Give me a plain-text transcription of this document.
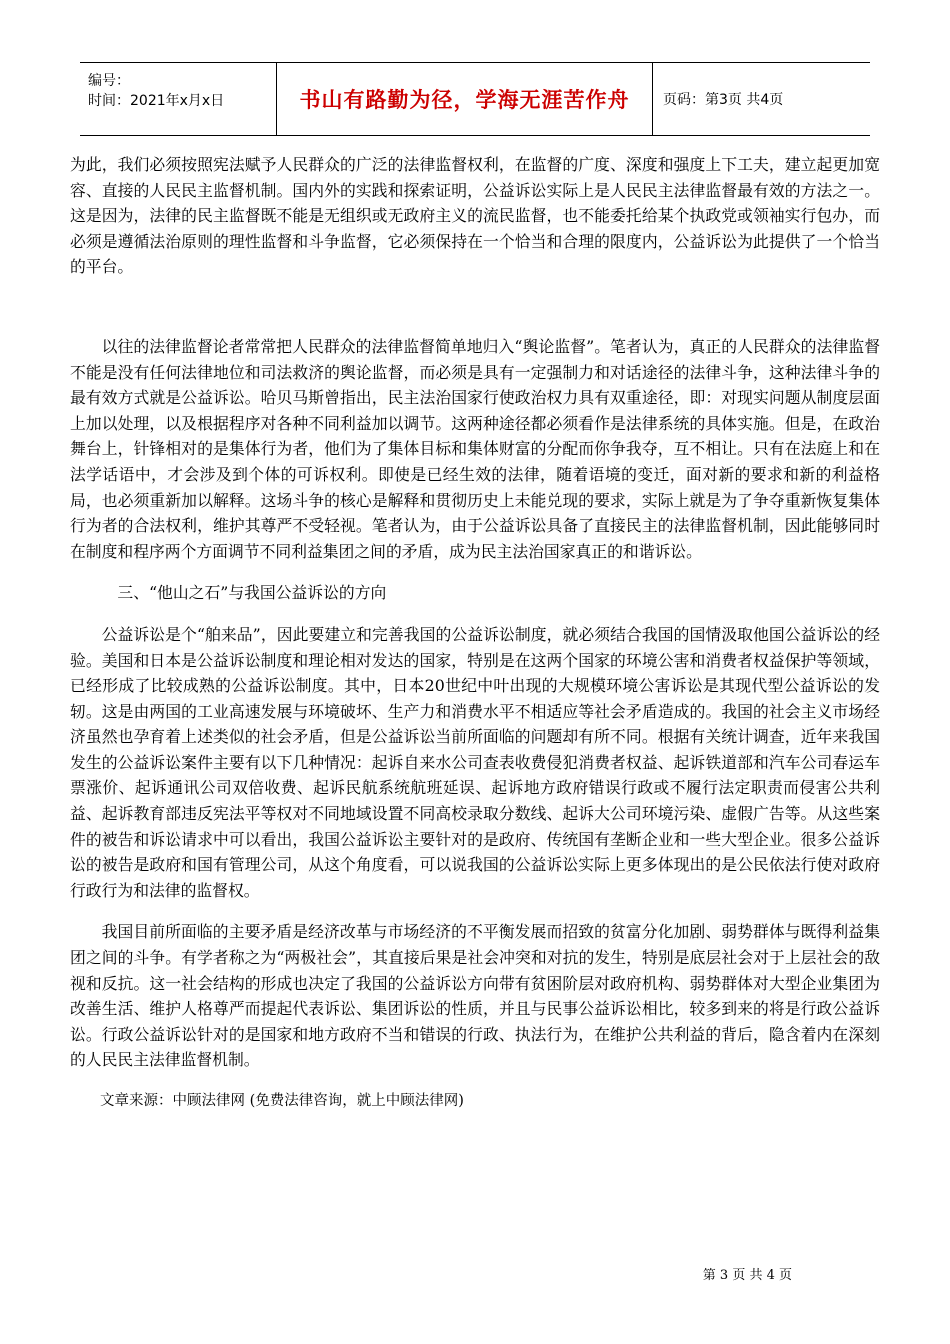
编号：
时间：2021年x月x日	书山有路勤为径，学海无涯苦作舟	页码：第3页 共4页

为此，我们必须按照宪法赋予人民群众的广泛的法律监督权利，在监督的广度、深度和强度上下工夫，建立起更加宽容、直接的人民民主监督机制。国内外的实践和探索证明，公益诉讼实际上是人民民主法律监督最有效的方法之一。这是因为，法律的民主监督既不能是无组织或无政府主义的流民监督，也不能委托给某个执政党或领袖实行包办，而必须是遵循法治原则的理性监督和斗争监督，它必须保持在一个恰当和合理的限度内，公益诉讼为此提供了一个恰当的平台。

以往的法律监督论者常常把人民群众的法律监督简单地归入“舆论监督”。笔者认为，真正的人民群众的法律监督不能是没有任何法律地位和司法救济的舆论监督，而必须是具有一定强制力和对话途径的法律斗争，这种法律斗争的最有效方式就是公益诉讼。哈贝马斯曾指出，民主法治国家行使政治权力具有双重途径，即：对现实问题从制度层面上加以处理，以及根据程序对各种不同利益加以调节。这两种途径都必须看作是法律系统的具体实施。但是，在政治舞台上，针锋相对的是集体行为者，他们为了集体目标和集体财富的分配而你争我夺，互不相让。只有在法庭上和在法学话语中，才会涉及到个体的可诉权利。即使是已经生效的法律，随着语境的变迁，面对新的要求和新的利益格局，也必须重新加以解释。这场斗争的核心是解释和贯彻历史上未能兑现的要求，实际上就是为了争夺重新恢复集体行为者的合法权利，维护其尊严不受轻视。笔者认为，由于公益诉讼具备了直接民主的法律监督机制，因此能够同时在制度和程序两个方面调节不同利益集团之间的矛盾，成为民主法治国家真正的和谐诉讼。

三、“他山之石”与我国公益诉讼的方向

公益诉讼是个“舶来品”，因此要建立和完善我国的公益诉讼制度，就必须结合我国的国情汲取他国公益诉讼的经验。美国和日本是公益诉讼制度和理论相对发达的国家，特别是在这两个国家的环境公害和消费者权益保护等领域，已经形成了比较成熟的公益诉讼制度。其中，日本20世纪中叶出现的大规模环境公害诉讼是其现代型公益诉讼的发轫。这是由两国的工业高速发展与环境破坏、生产力和消费水平不相适应等社会矛盾造成的。我国的社会主义市场经济虽然也孕育着上述类似的社会矛盾，但是公益诉讼当前所面临的问题却有所不同。根据有关统计调查，近年来我国发生的公益诉讼案件主要有以下几种情况：起诉自来水公司查表收费侵犯消费者权益、起诉铁道部和汽车公司春运车票涨价、起诉通讯公司双倍收费、起诉民航系统航班延误、起诉地方政府错误行政或不履行法定职责而侵害公共利益、起诉教育部违反宪法平等权对不同地域设置不同高校录取分数线、起诉大公司环境污染、虚假广告等。从这些案件的被告和诉讼请求中可以看出，我国公益诉讼主要针对的是政府、传统国有垄断企业和一些大型企业。很多公益诉讼的被告是政府和国有管理公司，从这个角度看，可以说我国的公益诉讼实际上更多体现出的是公民依法行使对政府行政行为和法律的监督权。

我国目前所面临的主要矛盾是经济改革与市场经济的不平衡发展而招致的贫富分化加剧、弱势群体与既得利益集团之间的斗争。有学者称之为“两极社会”，其直接后果是社会冲突和对抗的发生，特别是底层社会对于上层社会的敌视和反抗。这一社会结构的形成也决定了我国的公益诉讼方向带有贫困阶层对政府机构、弱势群体对大型企业集团为改善生活、维护人格尊严而提起代表诉讼、集团诉讼的性质，并且与民事公益诉讼相比，较多到来的将是行政公益诉讼。行政公益诉讼针对的是国家和地方政府不当和错误的行政、执法行为，在维护公共利益的背后，隐含着内在深刻的人民民主法律监督机制。

文章来源：中顾法律网 (免费法律咨询，就上中顾法律网)

第 3 页 共 4 页
